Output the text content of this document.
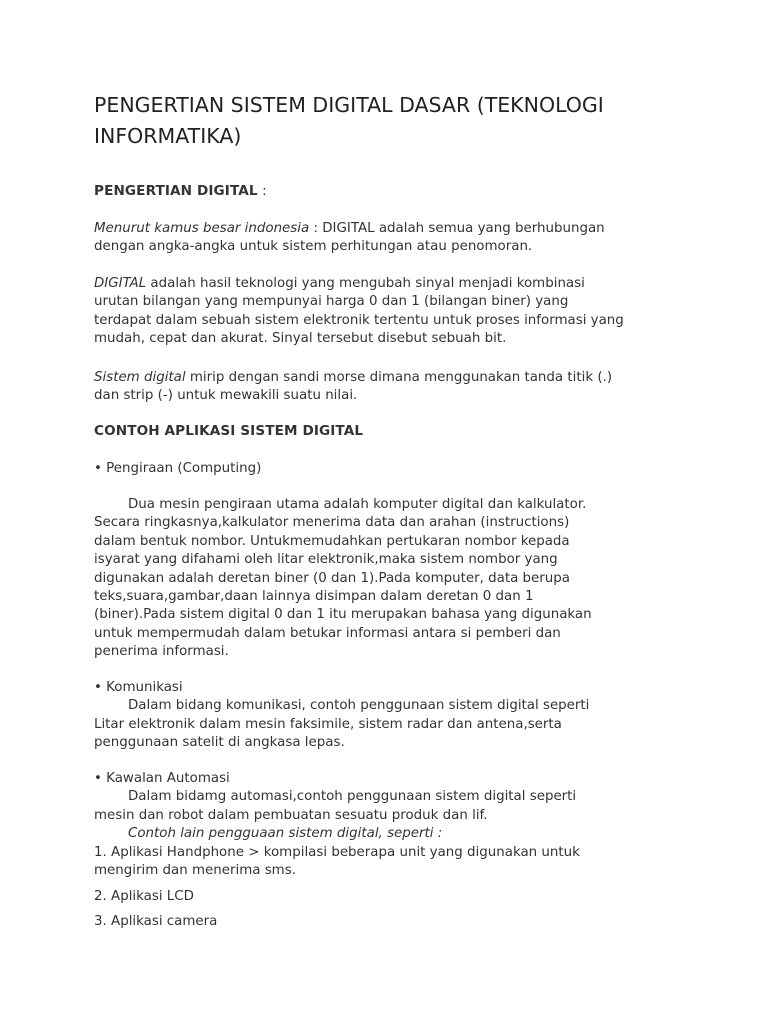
PENGERTIAN SISTEM DIGITAL DASAR (TEKNOLOGI
INFORMATIKA)

PENGERTIAN DIGITAL :

Menurut kamus besar indonesia : DIGITAL adalah semua yang berhubungan
dengan angka-angka untuk sistem perhitungan atau penomoran.

DIGITAL adalah hasil teknologi yang mengubah sinyal menjadi kombinasi
urutan bilangan yang mempunyai harga 0 dan 1 (bilangan biner) yang
terdapat dalam sebuah sistem elektronik tertentu untuk proses informasi yang
mudah, cepat dan akurat. Sinyal tersebut disebut sebuah bit.

Sistem digital mirip dengan sandi morse dimana menggunakan tanda titik (.)
dan strip (-) untuk mewakili suatu nilai.

CONTOH APLIKASI SISTEM DIGITAL

• Pengiraan (Computing)

Dua mesin pengiraan utama adalah komputer digital dan kalkulator.
Secara ringkasnya,kalkulator menerima data dan arahan (instructions)
dalam bentuk nombor. Untukmemudahkan pertukaran nombor kepada
isyarat yang difahami oleh litar elektronik,maka sistem nombor yang
digunakan adalah deretan biner (0 dan 1).Pada komputer, data berupa
teks,suara,gambar,daan lainnya disimpan dalam deretan 0 dan 1
(biner).Pada sistem digital 0 dan 1 itu merupakan bahasa yang digunakan
untuk mempermudah dalam betukar informasi antara si pemberi dan
penerima informasi.

• Komunikasi
Dalam bidang komunikasi, contoh penggunaan sistem digital seperti
Litar elektronik dalam mesin faksimile, sistem radar dan antena,serta
penggunaan satelit di angkasa lepas.

• Kawalan Automasi
Dalam bidamg automasi,contoh penggunaan sistem digital seperti
mesin dan robot dalam pembuatan sesuatu produk dan lif.
Contoh lain pengguaan sistem digital, seperti :
1. Aplikasi Handphone > kompilasi beberapa unit yang digunakan untuk
mengirim dan menerima sms.

2. Aplikasi LCD

3. Aplikasi camera
